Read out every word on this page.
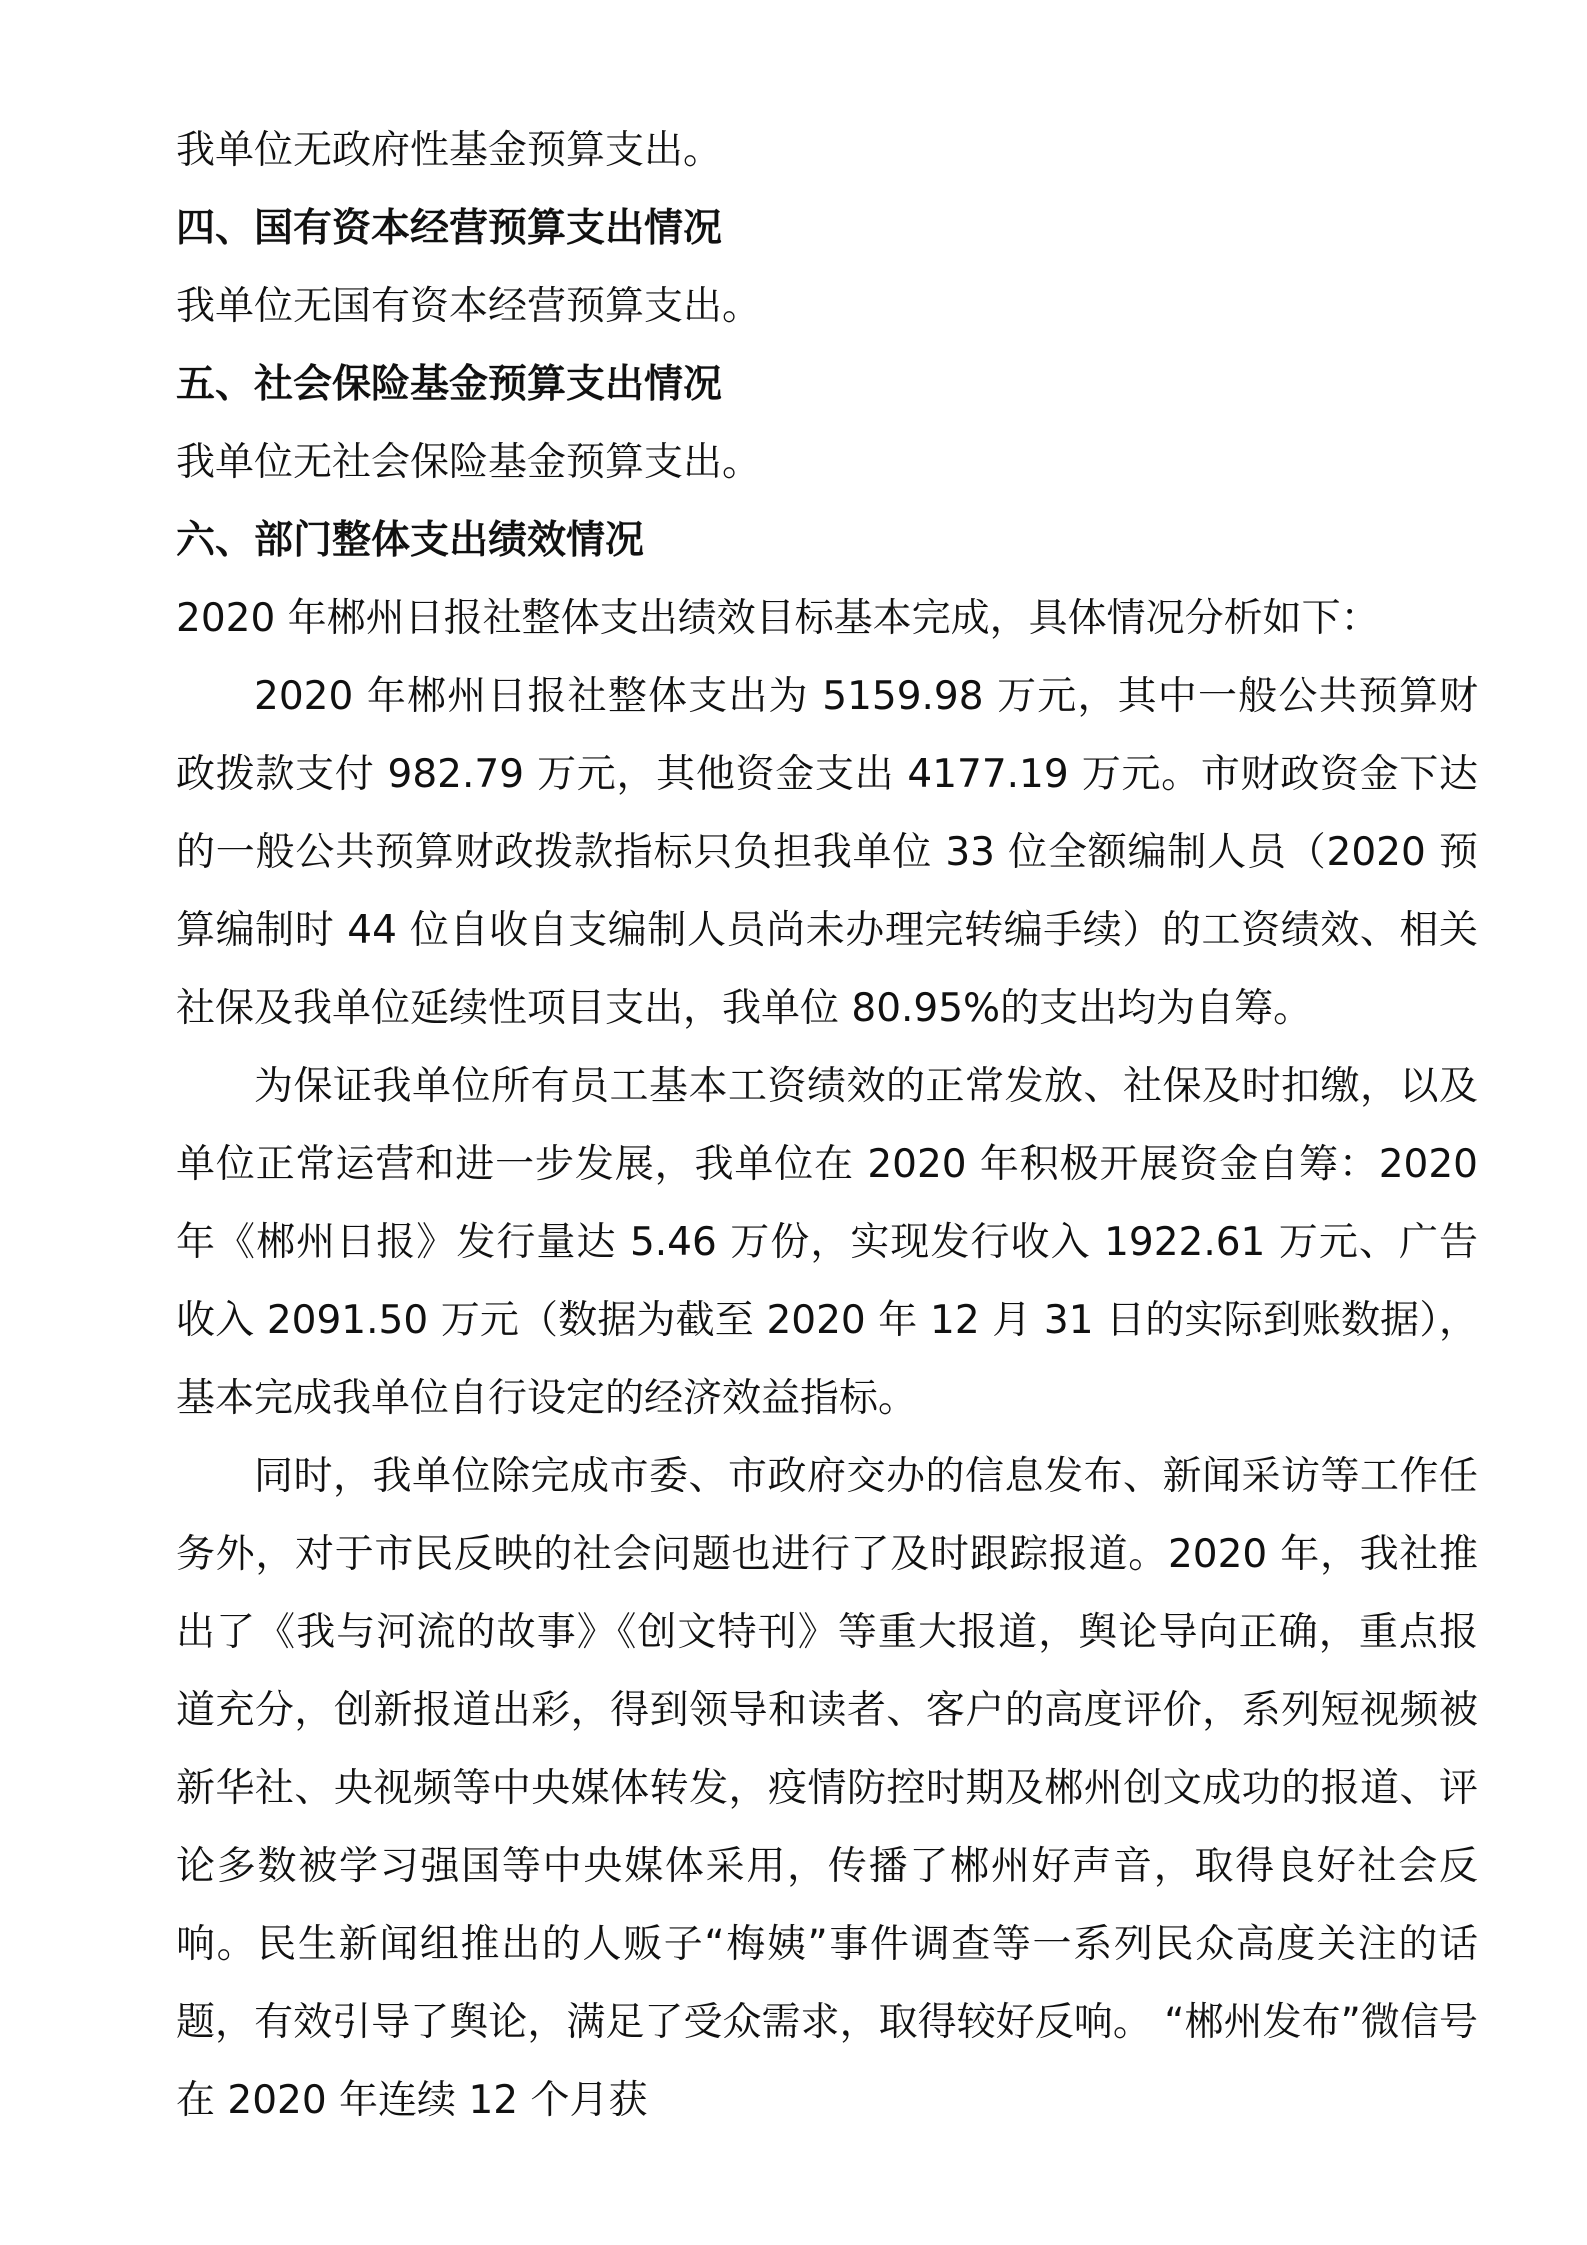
我单位无政府性基金预算支出。

四、国有资本经营预算支出情况

我单位无国有资本经营预算支出。

五、社会保险基金预算支出情况

我单位无社会保险基金预算支出。

六、部门整体支出绩效情况

2020 年郴州日报社整体支出绩效目标基本完成，具体情况分析如下：

2020 年郴州日报社整体支出为 5159.98 万元，其中一般公共预算财政拨款支付 982.79 万元，其他资金支出 4177.19 万元。市财政资金下达的一般公共预算财政拨款指标只负担我单位 33 位全额编制人员（2020 预算编制时 44 位自收自支编制人员尚未办理完转编手续）的工资绩效、相关社保及我单位延续性项目支出，我单位 80.95%的支出均为自筹。

为保证我单位所有员工基本工资绩效的正常发放、社保及时扣缴，以及单位正常运营和进一步发展，我单位在 2020 年积极开展资金自筹：2020 年《郴州日报》发行量达 5.46 万份，实现发行收入 1922.61 万元、广告收入 2091.50 万元（数据为截至 2020 年 12 月 31 日的实际到账数据），基本完成我单位自行设定的经济效益指标。

同时，我单位除完成市委、市政府交办的信息发布、新闻采访等工作任务外，对于市民反映的社会问题也进行了及时跟踪报道。2020 年，我社推出了《我与河流的故事》《创文特刊》等重大报道，舆论导向正确，重点报道充分，创新报道出彩，得到领导和读者、客户的高度评价，系列短视频被新华社、央视频等中央媒体转发，疫情防控时期及郴州创文成功的报道、评论多数被学习强国等中央媒体采用，传播了郴州好声音，取得良好社会反响。民生新闻组推出的人贩子“梅姨”事件调查等一系列民众高度关注的话题，有效引导了舆论，满足了受众需求，取得较好反响。 “郴州发布”微信号在 2020 年连续 12 个月获
